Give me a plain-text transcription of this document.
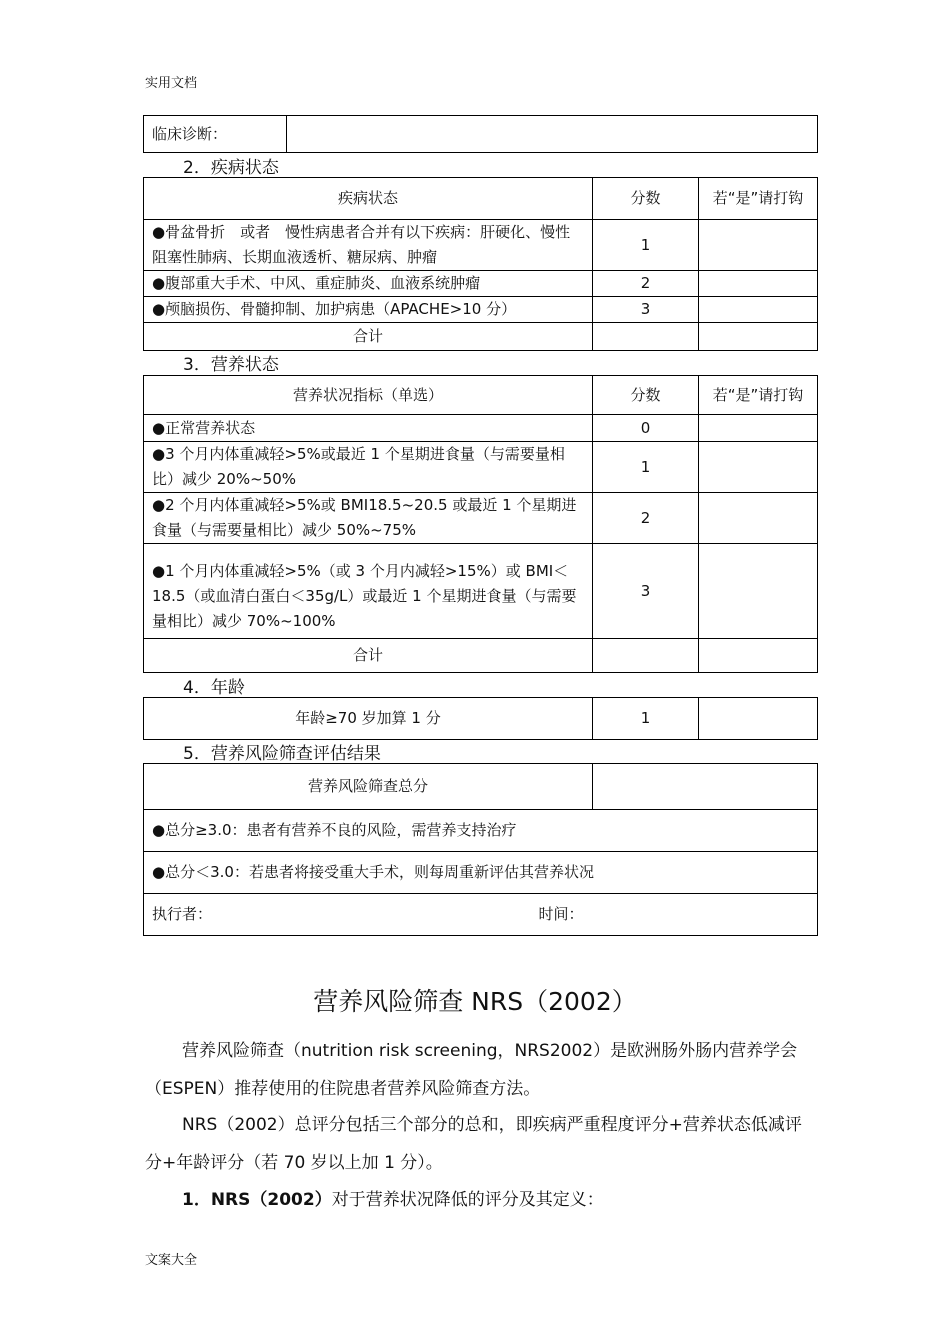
实用文档
临床诊断：	
2．疾病状态
疾病状态	分数	若“是”请打钩
●骨盆骨折　或者　慢性病患者合并有以下疾病：肝硬化、慢性阻塞性肺病、长期血液透析、糖尿病、肿瘤	1	
●腹部重大手术、中风、重症肺炎、血液系统肿瘤	2	
●颅脑损伤、骨髓抑制、加护病患（APACHE>10 分）	3	
合计		
3．营养状态
营养状况指标（单选）	分数	若“是”请打钩
●正常营养状态	0	
●3 个月内体重减轻>5%或最近 1 个星期进食量（与需要量相比）减少 20%~50%	1	
●2 个月内体重减轻>5%或 BMI18.5~20.5 或最近 1 个星期进食量（与需要量相比）减少 50%~75%	2	
●1 个月内体重减轻>5%（或 3 个月内减轻>15%）或 BMI＜18.5（或血清白蛋白＜35g/L）或最近 1 个星期进食量（与需要量相比）减少 70%~100%	3	
合计		
4．年龄
年龄≥70 岁加算 1 分	1	
5．营养风险筛查评估结果
营养风险筛查总分	
●总分≥3.0：患者有营养不良的风险，需营养支持治疗
●总分＜3.0：若患者将接受重大手术，则每周重新评估其营养状况
执行者：	时间：
营养风险筛查 NRS（2002）
营养风险筛查（nutrition risk screening，NRS2002）是欧洲肠外肠内营养学会（ESPEN）推荐使用的住院患者营养风险筛查方法。
NRS（2002）总评分包括三个部分的总和，即疾病严重程度评分+营养状态低减评分+年龄评分（若 70 岁以上加 1 分）。
1．NRS（2002）对于营养状况降低的评分及其定义：
文案大全
